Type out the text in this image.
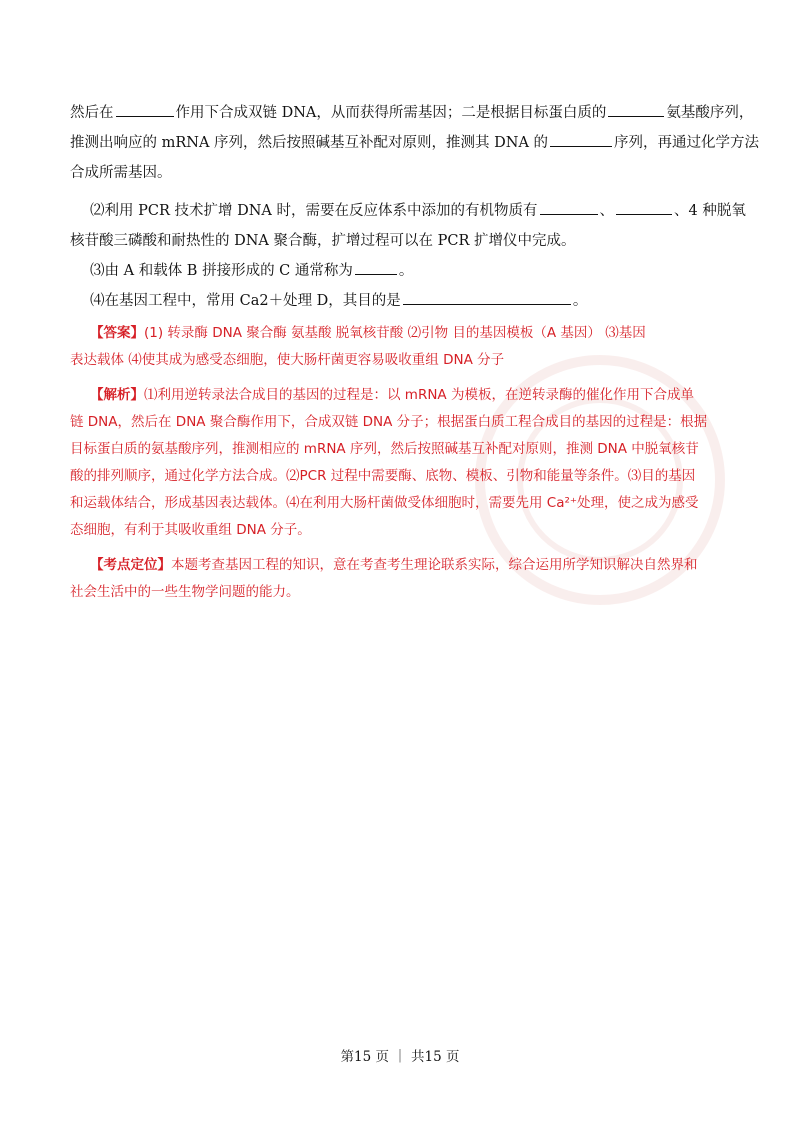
然后在	作用下合成双链 DNA，从而获得所需基因；二是根据目标蛋白质的	氨基酸序列，
推测出响应的 mRNA 序列，然后按照碱基互补配对原则，推测其 DNA 的	序列，再通过化学方法
合成所需基因。
⑵利用 PCR 技术扩增 DNA 时，需要在反应体系中添加的有机物质有	、	、4 种脱氧
核苷酸三磷酸和耐热性的 DNA 聚合酶，扩增过程可以在 PCR 扩增仪中完成。
⑶由 A 和载体 B 拼接形成的 C 通常称为	。
⑷在基因工程中，常用 Ca2＋处理 D，其目的是	。
【答案】(1) 转录酶 DNA 聚合酶 氨基酸 脱氧核苷酸 ⑵引物 目的基因模板（A 基因） ⑶基因
表达载体 ⑷使其成为感受态细胞，使大肠杆菌更容易吸收重组 DNA 分子
【解析】⑴利用逆转录法合成目的基因的过程是：以 mRNA 为模板，在逆转录酶的催化作用下合成单
链 DNA，然后在 DNA 聚合酶作用下，合成双链 DNA 分子；根据蛋白质工程合成目的基因的过程是：根据
目标蛋白质的氨基酸序列，推测相应的 mRNA 序列，然后按照碱基互补配对原则，推测 DNA 中脱氧核苷
酸的排列顺序，通过化学方法合成。⑵PCR 过程中需要酶、底物、模板、引物和能量等条件。⑶目的基因
和运载体结合，形成基因表达载体。⑷在利用大肠杆菌做受体细胞时，需要先用 Ca²⁺处理，使之成为感受
态细胞，有利于其吸收重组 DNA 分子。
【考点定位】本题考查基因工程的知识，意在考查考生理论联系实际，综合运用所学知识解决自然界和
社会生活中的一些生物学问题的能力。
第15 页 ｜ 共15 页
